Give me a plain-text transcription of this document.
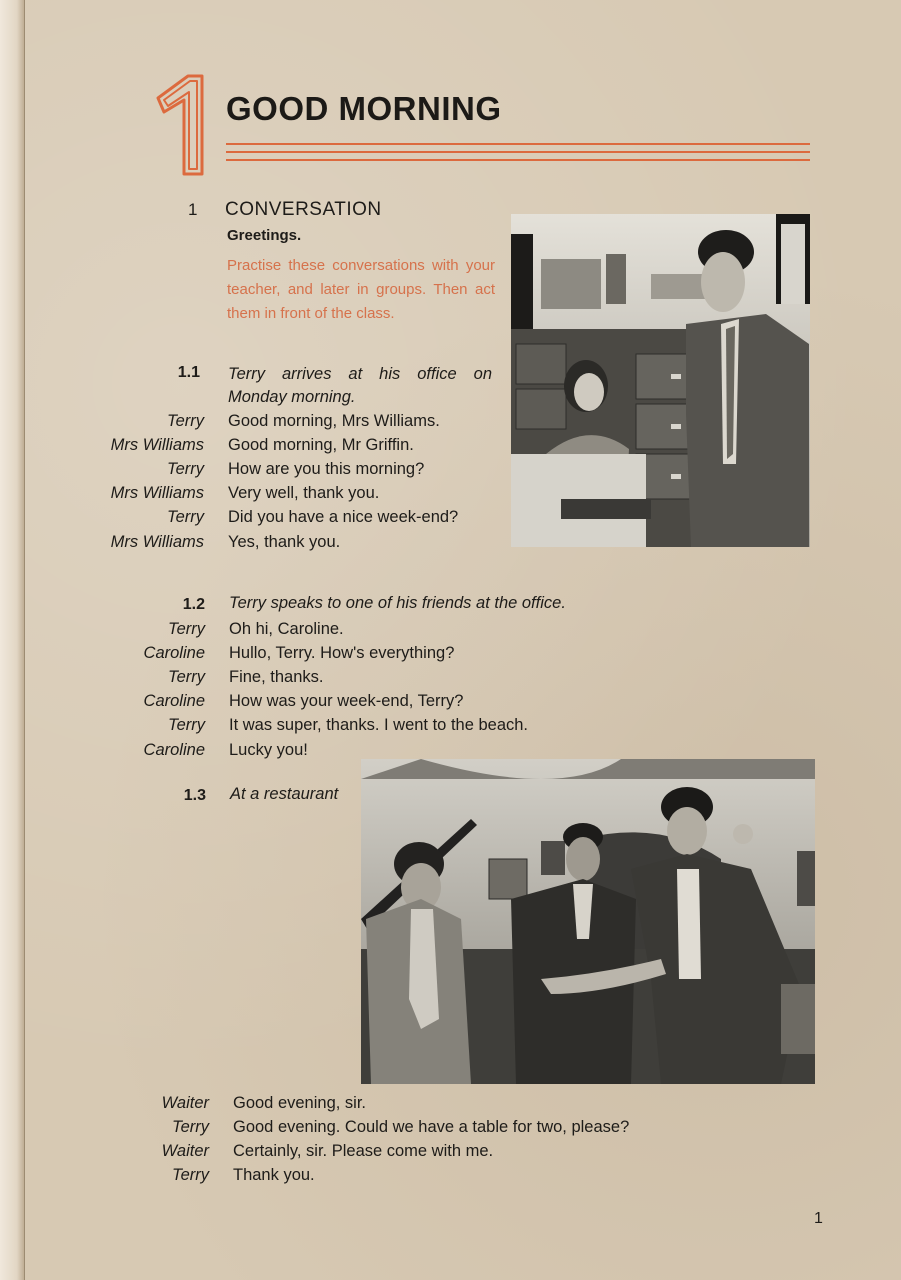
GOOD MORNING
1 CONVERSATION
Greetings.
Practise these conversations with your teacher, and later in groups. Then act them in front of the class.
1.1 Terry arrives at his office on Monday morning.
Terry	Good morning, Mrs Williams.
Mrs Williams	Good morning, Mr Griffin.
Terry	How are you this morning?
Mrs Williams	Very well, thank you.
Terry	Did you have a nice week-end?
Mrs Williams	Yes, thank you.
1.2 Terry speaks to one of his friends at the office.
Terry	Oh hi, Caroline.
Caroline	Hullo, Terry. How's everything?
Terry	Fine, thanks.
Caroline	How was your week-end, Terry?
Terry	It was super, thanks. I went to the beach.
Caroline	Lucky you!
1.3 At a restaurant
Waiter	Good evening, sir.
Terry	Good evening. Could we have a table for two, please?
Waiter	Certainly, sir. Please come with me.
Terry	Thank you.
1
